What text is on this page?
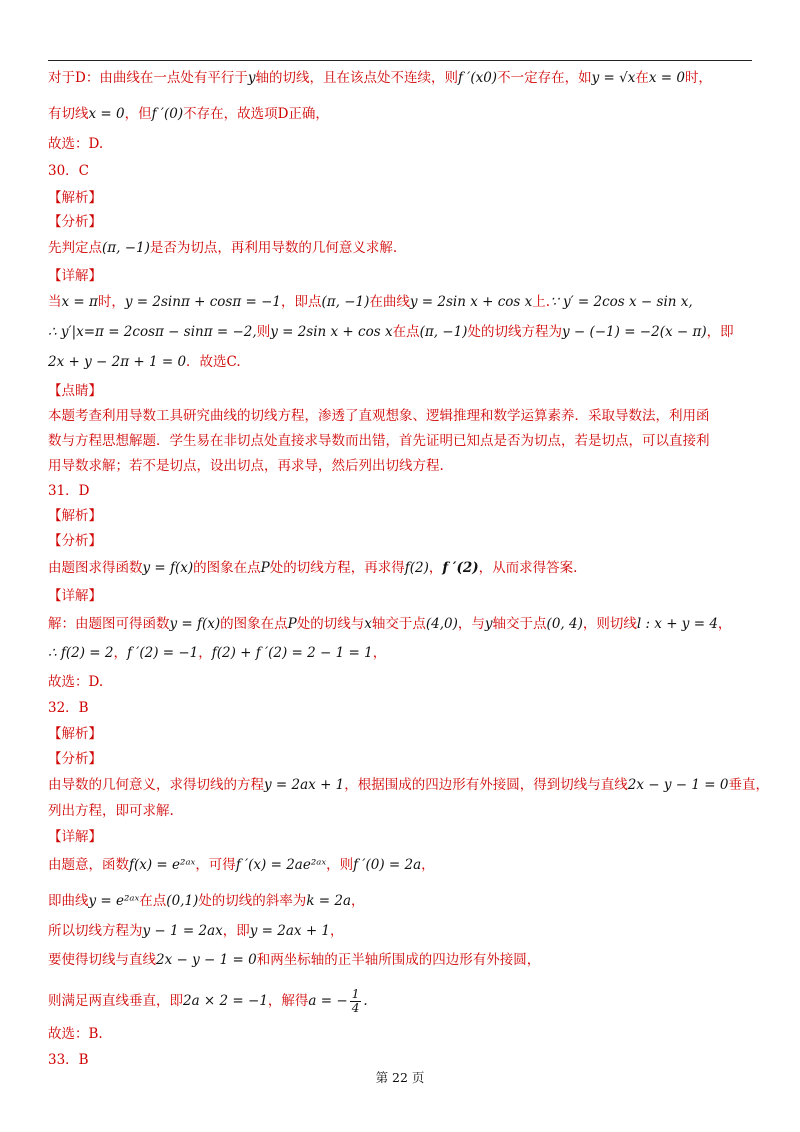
对于D：由曲线在一点处有平行于y轴的切线，且在该点处不连续，则f ′(x0)不一定存在，如y = √x在x = 0时，
有切线x = 0，但f ′(0)不存在，故选项D正确，
故选：D.
30．C
【解析】
【分析】
先判定点(π, −1)是否为切点，再利用导数的几何意义求解.
【详解】
当x = π时，y = 2sinπ + cosπ = −1，即点(π, −1)在曲线y = 2sin x + cos x上.∵ y′ = 2cos x − sin x,
∴ y′|x=π = 2cosπ − sinπ = −2,则y = 2sin x + cos x在点(π, −1)处的切线方程为y − (−1) = −2(x − π)，即
2x + y − 2π + 1 = 0．故选C.
【点睛】
本题考查利用导数工具研究曲线的切线方程，渗透了直观想象、逻辑推理和数学运算素养．采取导数法，利用函
数与方程思想解题．学生易在非切点处直接求导数而出错，首先证明已知点是否为切点，若是切点，可以直接利
用导数求解；若不是切点，设出切点，再求导，然后列出切线方程.
31．D
【解析】
【分析】
由题图求得函数y = f(x)的图象在点P处的切线方程，再求得f(2)，f ′(2)，从而求得答案.
【详解】
解：由题图可得函数y = f(x)的图象在点P处的切线与x轴交于点(4,0)，与y轴交于点(0, 4)，则切线l : x + y = 4，
∴ f(2) = 2，f ′(2) = −1，f(2) + f ′(2) = 2 − 1 = 1，
故选：D.
32．B
【解析】
【分析】
由导数的几何意义，求得切线的方程y = 2ax + 1，根据围成的四边形有外接圆，得到切线与直线2x − y − 1 = 0垂直，
列出方程，即可求解.
【详解】
由题意，函数f(x) = e²ᵃˣ，可得f ′(x) = 2ae²ᵃˣ，则f ′(0) = 2a，
即曲线y = e²ᵃˣ在点(0,1)处的切线的斜率为k = 2a，
所以切线方程为y − 1 = 2ax，即y = 2ax + 1，
要使得切线与直线2x − y − 1 = 0和两坐标轴的正半轴所围成的四边形有外接圆，
则满足两直线垂直，即2a × 2 = −1，解得a = − $\frac{1}{4}$ .
故选：B.
33．B
第 22 页
